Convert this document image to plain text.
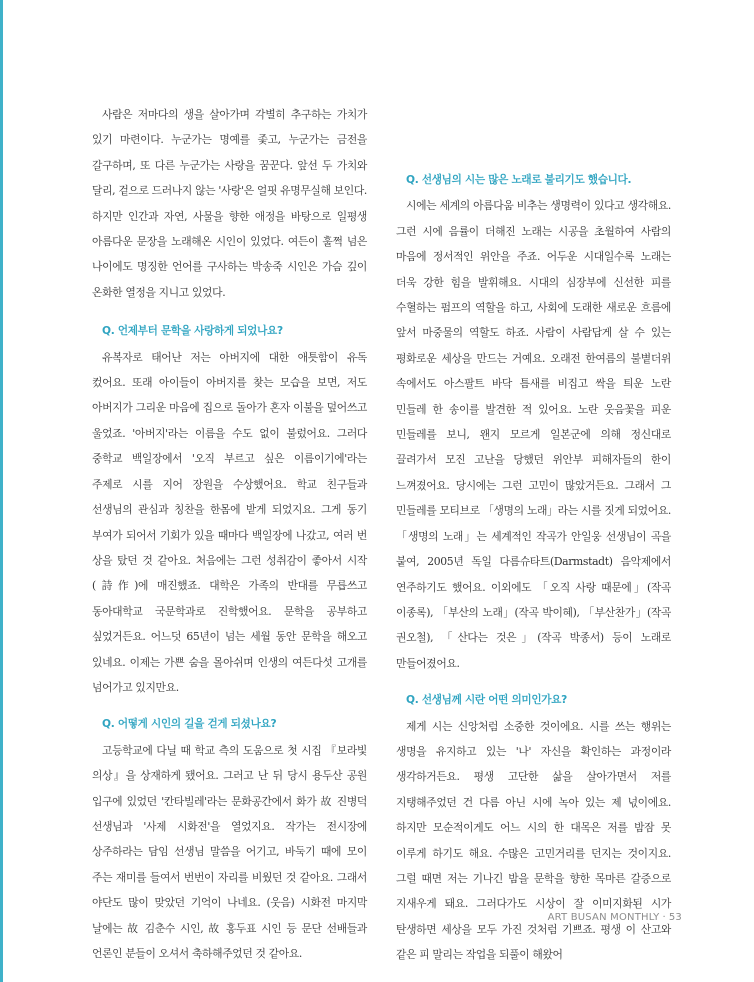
사람은 저마다의 생을 살아가며 각별히 추구하는 가치가 있기 마련이다. 누군가는 명예를 좇고, 누군가는 금전을 갈구하며, 또 다른 누군가는 사랑을 꿈꾼다. 앞선 두 가치와 달리, 겉으로 드러나지 않는 '사랑'은 얼핏 유명무실해 보인다. 하지만 인간과 자연, 사물을 향한 애정을 바탕으로 일평생 아름다운 문장을 노래해온 시인이 있었다. 여든이 훌쩍 넘은 나이에도 명징한 언어를 구사하는 박송죽 시인은 가슴 깊이 온화한 열정을 지니고 있었다.

Q. 언제부터 문학을 사랑하게 되었나요?

유복자로 태어난 저는 아버지에 대한 애틋함이 유독 컸어요. 또래 아이들이 아버지를 찾는 모습을 보면, 저도 아버지가 그리운 마음에 집으로 돌아가 혼자 이불을 덮어쓰고 울었죠. '아버지'라는 이름을 수도 없이 불렀어요. 그러다 중학교 백일장에서 '오직 부르고 싶은 이름이기에'라는 주제로 시를 지어 장원을 수상했어요. 학교 친구들과 선생님의 관심과 칭찬을 한몸에 받게 되었지요. 그게 동기 부여가 되어서 기회가 있을 때마다 백일장에 나갔고, 여러 번 상을 탔던 것 같아요. 처음에는 그런 성취감이 좋아서 시작(詩作)에 매진했죠. 대학은 가족의 반대를 무릅쓰고 동아대학교 국문학과로 진학했어요. 문학을 공부하고 싶었거든요. 어느덧 65년이 넘는 세월 동안 문학을 해오고 있네요. 이제는 가쁜 숨을 몰아쉬며 인생의 여든다섯 고개를 넘어가고 있지만요.

Q. 어떻게 시인의 길을 걷게 되셨나요?

고등학교에 다닐 때 학교 측의 도움으로 첫 시집 『보라빛 의상』을 상재하게 됐어요. 그러고 난 뒤 당시 용두산 공원 입구에 있었던 '칸타빌레'라는 문화공간에서 화가 故 진병덕 선생님과 '사제 시화전'을 열었지요. 작가는 전시장에 상주하라는 담임 선생님 말씀을 어기고, 바둑기 때에 모이 주는 재미를 들여서 번번이 자리를 비웠던 것 같아요. 그래서 야단도 많이 맞았던 기억이 나네요. (웃음) 시화전 마지막 날에는 故 김춘수 시인, 故 홍두표 시인 등 문단 선배들과 언론인 분들이 오셔서 축하해주었던 것 같아요.

Q. 선생님의 시는 많은 노래로 불리기도 했습니다.

시에는 세계의 아름다움 비추는 생명력이 있다고 생각해요. 그런 시에 음률이 더해진 노래는 시공을 초월하여 사람의 마음에 정서적인 위안을 주죠. 어두운 시대일수록 노래는 더욱 강한 힘을 발휘해요. 시대의 심장부에 신선한 피를 수혈하는 펌프의 역할을 하고, 사회에 도래한 새로운 흐름에 앞서 마중물의 역할도 하죠. 사람이 사람답게 살 수 있는 평화로운 세상을 만드는 거예요. 오래전 한여름의 불볕더위 속에서도 아스팔트 바닥 틈새를 비집고 싹을 틔운 노란 민들레 한 송이를 발견한 적 있어요. 노란 웃음꽃을 피운 민들레를 보니, 왠지 모르게 일본군에 의해 정신대로 끌려가서 모진 고난을 당했던 위안부 피해자들의 한이 느껴졌어요. 당시에는 그런 고민이 많았거든요. 그래서 그 민들레를 모티브로 「생명의 노래」라는 시를 짓게 되었어요. 「생명의 노래」는 세계적인 작곡가 안일웅 선생님이 곡을 붙여, 2005년 독일 다름슈타트(Darmstadt) 음악제에서 연주하기도 했어요. 이외에도 「오직 사랑 때문에」(작곡 이종록), 「부산의 노래」(작곡 박이혜), 「부산찬가」(작곡 권오철), 「산다는 것은」(작곡 박종서) 등이 노래로 만들어졌어요.

Q. 선생님께 시란 어떤 의미인가요?

제게 시는 신앙처럼 소중한 것이에요. 시를 쓰는 행위는 생명을 유지하고 있는 '나' 자신을 확인하는 과정이라 생각하거든요. 평생 고단한 삶을 살아가면서 저를 지탱해주었던 건 다름 아닌 시에 녹아 있는 제 넋이에요. 하지만 모순적이게도 어느 시의 한 대목은 저를 밤잠 못 이루게 하기도 해요. 수많은 고민거리를 던지는 것이지요. 그럴 때면 저는 기나긴 밤을 문학을 향한 목마른 갈증으로 지새우게 돼요. 그러다가도 시상이 잘 이미지화된 시가 탄생하면 세상을 모두 가진 것처럼 기쁘죠. 평생 이 산고와 같은 피 말리는 작업을 되풀이 해왔어

ART BUSAN MONTHLY · 53
